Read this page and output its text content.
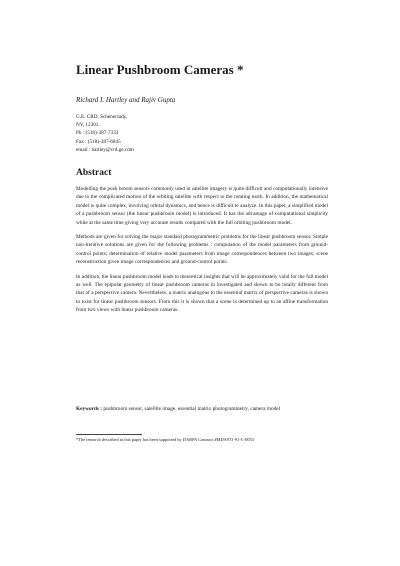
Linear Pushbroom Cameras *
Richard I. Hartley and Rajiv Gupta
G.E. CRD, Schenectady,
NY, 12301.
Ph : (518)-387-7333
Fax : (518)-387-6845
email : hartley@crd.ge.com
Abstract

Modelling the push broom sensors commonly used in satellite imagery is quite difficult and computationally intensive due to the complicated motion of the orbiting satellite with respect to the rotating earth. In addition, the mathematical model is quite complex, involving orbital dynamics, and hence is difficult to analyze. In this paper, a simplified model of a pushbroom sensor (the linear pushbroom model) is introduced. It has the advantage of computational simplicity while at the same time giving very accurate results compared with the full orbiting pushbroom model.

Methods are given for solving the major standard photogrammetric problems for the linear pushbroom sensor. Simple non-iterative solutions are given for the following problems : computation of the model parameters from ground-control points; determination of relative model parameters from image correspondences between two images; scene reconstruction given image correspondences and ground-control points.

In addition, the linear pushbroom model leads to theoretical insights that will be approximately valid for the full model as well. The epipolar geometry of linear pushbroom cameras in investigated and shown to be totally different from that of a perspective camera. Nevertheless, a matrix analogous to the essential matrix of perspective cameras is shown to exist for linear pushbroom sensors. From this it is shown that a scene is determined up to an affine transformation from two views with linear pushbroom cameras.

Keywords : pushbroom sensor, satellite image, essential matrix photogrammetry, camera model
*The research described in this paper has been supported by DARPA Contract #MDA972-91-C-0053
